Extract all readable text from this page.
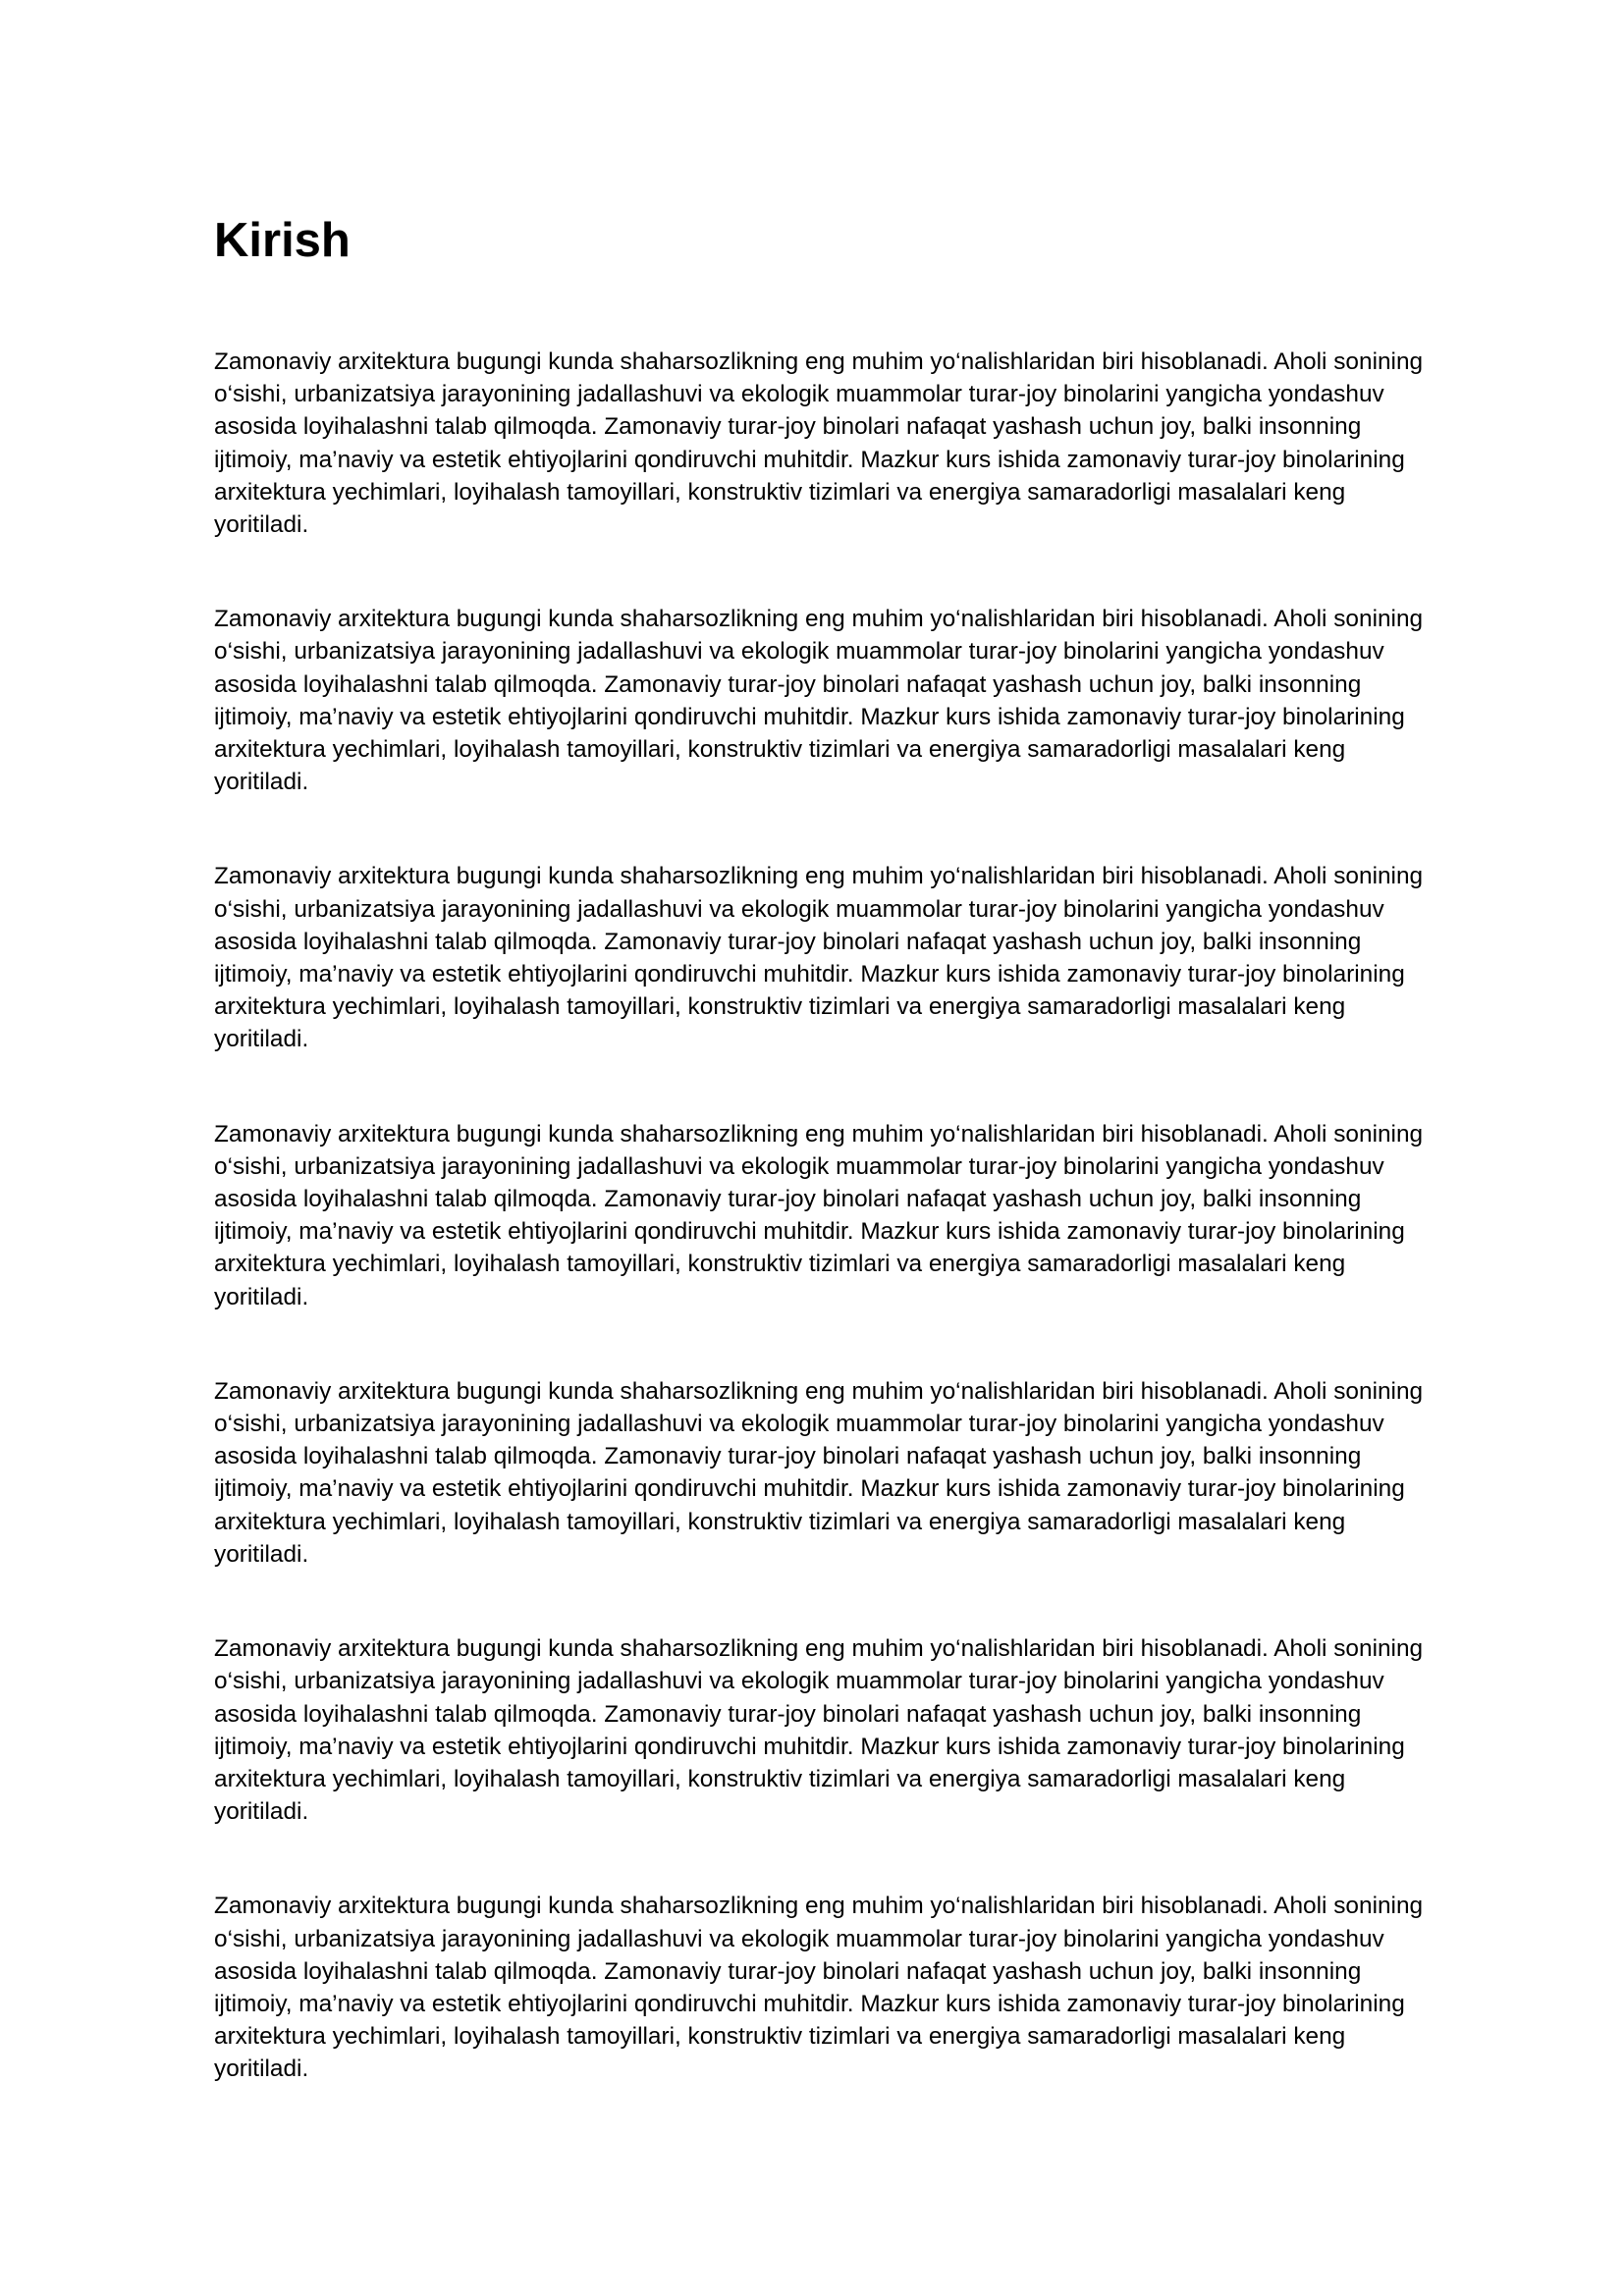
Kirish

Zamonaviy arxitektura bugungi kunda shaharsozlikning eng muhim yo‘nalishlaridan biri hisoblanadi. Aholi sonining o‘sishi, urbanizatsiya jarayonining jadallashuvi va ekologik muammolar turar-joy binolarini yangicha yondashuv asosida loyihalashni talab qilmoqda. Zamonaviy turar-joy binolari nafaqat yashash uchun joy, balki insonning ijtimoiy, ma’naviy va estetik ehtiyojlarini qondiruvchi muhitdir. Mazkur kurs ishida zamonaviy turar-joy binolarining arxitektura yechimlari, loyihalash tamoyillari, konstruktiv tizimlari va energiya samaradorligi masalalari keng yoritiladi.

Zamonaviy arxitektura bugungi kunda shaharsozlikning eng muhim yo‘nalishlaridan biri hisoblanadi. Aholi sonining o‘sishi, urbanizatsiya jarayonining jadallashuvi va ekologik muammolar turar-joy binolarini yangicha yondashuv asosida loyihalashni talab qilmoqda. Zamonaviy turar-joy binolari nafaqat yashash uchun joy, balki insonning ijtimoiy, ma’naviy va estetik ehtiyojlarini qondiruvchi muhitdir. Mazkur kurs ishida zamonaviy turar-joy binolarining arxitektura yechimlari, loyihalash tamoyillari, konstruktiv tizimlari va energiya samaradorligi masalalari keng yoritiladi.

Zamonaviy arxitektura bugungi kunda shaharsozlikning eng muhim yo‘nalishlaridan biri hisoblanadi. Aholi sonining o‘sishi, urbanizatsiya jarayonining jadallashuvi va ekologik muammolar turar-joy binolarini yangicha yondashuv asosida loyihalashni talab qilmoqda. Zamonaviy turar-joy binolari nafaqat yashash uchun joy, balki insonning ijtimoiy, ma’naviy va estetik ehtiyojlarini qondiruvchi muhitdir. Mazkur kurs ishida zamonaviy turar-joy binolarining arxitektura yechimlari, loyihalash tamoyillari, konstruktiv tizimlari va energiya samaradorligi masalalari keng yoritiladi.

Zamonaviy arxitektura bugungi kunda shaharsozlikning eng muhim yo‘nalishlaridan biri hisoblanadi. Aholi sonining o‘sishi, urbanizatsiya jarayonining jadallashuvi va ekologik muammolar turar-joy binolarini yangicha yondashuv asosida loyihalashni talab qilmoqda. Zamonaviy turar-joy binolari nafaqat yashash uchun joy, balki insonning ijtimoiy, ma’naviy va estetik ehtiyojlarini qondiruvchi muhitdir. Mazkur kurs ishida zamonaviy turar-joy binolarining arxitektura yechimlari, loyihalash tamoyillari, konstruktiv tizimlari va energiya samaradorligi masalalari keng yoritiladi.

Zamonaviy arxitektura bugungi kunda shaharsozlikning eng muhim yo‘nalishlaridan biri hisoblanadi. Aholi sonining o‘sishi, urbanizatsiya jarayonining jadallashuvi va ekologik muammolar turar-joy binolarini yangicha yondashuv asosida loyihalashni talab qilmoqda. Zamonaviy turar-joy binolari nafaqat yashash uchun joy, balki insonning ijtimoiy, ma’naviy va estetik ehtiyojlarini qondiruvchi muhitdir. Mazkur kurs ishida zamonaviy turar-joy binolarining arxitektura yechimlari, loyihalash tamoyillari, konstruktiv tizimlari va energiya samaradorligi masalalari keng yoritiladi.

Zamonaviy arxitektura bugungi kunda shaharsozlikning eng muhim yo‘nalishlaridan biri hisoblanadi. Aholi sonining o‘sishi, urbanizatsiya jarayonining jadallashuvi va ekologik muammolar turar-joy binolarini yangicha yondashuv asosida loyihalashni talab qilmoqda. Zamonaviy turar-joy binolari nafaqat yashash uchun joy, balki insonning ijtimoiy, ma’naviy va estetik ehtiyojlarini qondiruvchi muhitdir. Mazkur kurs ishida zamonaviy turar-joy binolarining arxitektura yechimlari, loyihalash tamoyillari, konstruktiv tizimlari va energiya samaradorligi masalalari keng yoritiladi.

Zamonaviy arxitektura bugungi kunda shaharsozlikning eng muhim yo‘nalishlaridan biri hisoblanadi. Aholi sonining o‘sishi, urbanizatsiya jarayonining jadallashuvi va ekologik muammolar turar-joy binolarini yangicha yondashuv asosida loyihalashni talab qilmoqda. Zamonaviy turar-joy binolari nafaqat yashash uchun joy, balki insonning ijtimoiy, ma’naviy va estetik ehtiyojlarini qondiruvchi muhitdir. Mazkur kurs ishida zamonaviy turar-joy binolarining arxitektura yechimlari, loyihalash tamoyillari, konstruktiv tizimlari va energiya samaradorligi masalalari keng yoritiladi.
